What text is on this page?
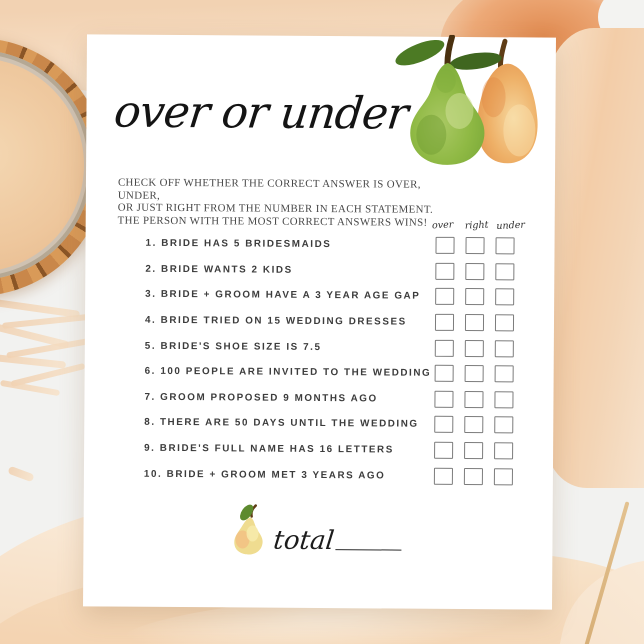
over or under
CHECK OFF WHETHER THE CORRECT ANSWER IS OVER, UNDER,
OR JUST RIGHT FROM THE NUMBER IN EACH STATEMENT.
THE PERSON WITH THE MOST CORRECT ANSWERS WINS! over	right under
1. BRIDE HAS 5 BRIDESMAIDS
2. BRIDE WANTS 2 KIDS
3. BRIDE + GROOM HAVE A 3 YEAR AGE GAP
4. BRIDE TRIED ON 15 WEDDING DRESSES
5. BRIDE'S SHOE SIZE IS 7.5
6. 100 PEOPLE ARE INVITED TO THE WEDDING
7. GROOM PROPOSED 9 MONTHS AGO
8. THERE ARE 50 DAYS UNTIL THE WEDDING
9. BRIDE'S FULL NAME HAS 16 LETTERS
10. BRIDE + GROOM MET 3 YEARS AGO
total
